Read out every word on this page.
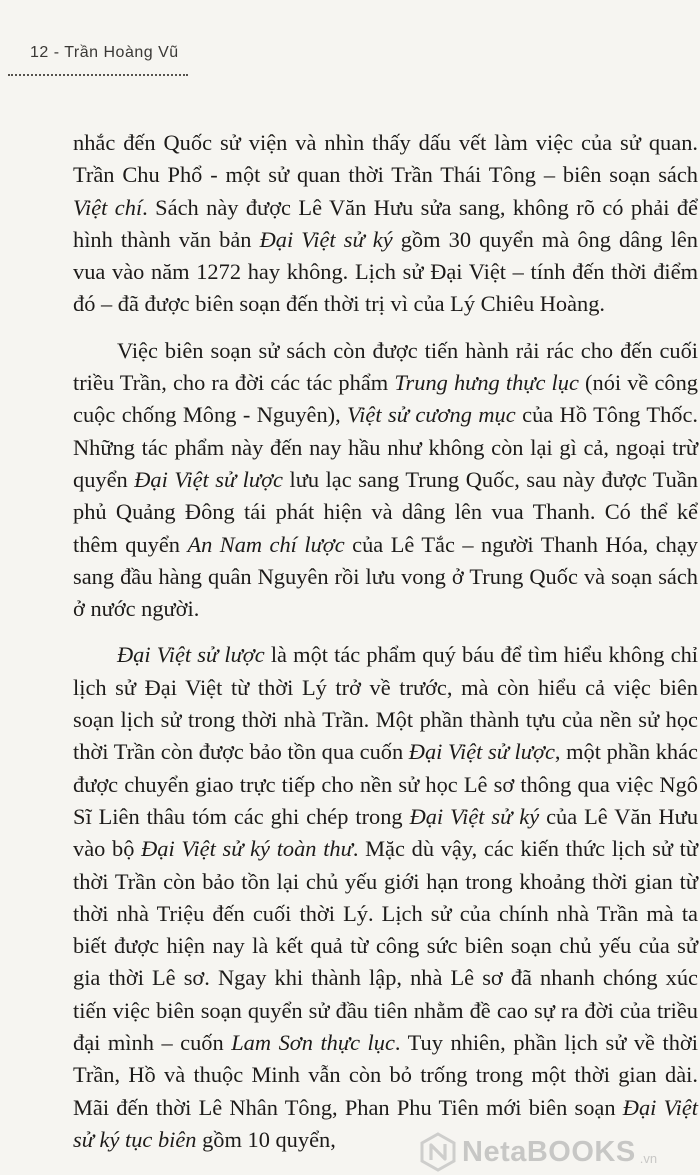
12 - Trần Hoàng Vũ

nhắc đến Quốc sử viện và nhìn thấy dấu vết làm việc của sử quan. Trần Chu Phổ - một sử quan thời Trần Thái Tông – biên soạn sách Việt chí. Sách này được Lê Văn Hưu sửa sang, không rõ có phải để hình thành văn bản Đại Việt sử ký gồm 30 quyển mà ông dâng lên vua vào năm 1272 hay không. Lịch sử Đại Việt – tính đến thời điểm đó – đã được biên soạn đến thời trị vì của Lý Chiêu Hoàng.

Việc biên soạn sử sách còn được tiến hành rải rác cho đến cuối triều Trần, cho ra đời các tác phẩm Trung hưng thực lục (nói về công cuộc chống Mông - Nguyên), Việt sử cương mục của Hồ Tông Thốc. Những tác phẩm này đến nay hầu như không còn lại gì cả, ngoại trừ quyển Đại Việt sử lược lưu lạc sang Trung Quốc, sau này được Tuần phủ Quảng Đông tái phát hiện và dâng lên vua Thanh. Có thể kể thêm quyển An Nam chí lược của Lê Tắc – người Thanh Hóa, chạy sang đầu hàng quân Nguyên rồi lưu vong ở Trung Quốc và soạn sách ở nước người.

Đại Việt sử lược là một tác phẩm quý báu để tìm hiểu không chỉ lịch sử Đại Việt từ thời Lý trở về trước, mà còn hiểu cả việc biên soạn lịch sử trong thời nhà Trần. Một phần thành tựu của nền sử học thời Trần còn được bảo tồn qua cuốn Đại Việt sử lược, một phần khác được chuyển giao trực tiếp cho nền sử học Lê sơ thông qua việc Ngô Sĩ Liên thâu tóm các ghi chép trong Đại Việt sử ký của Lê Văn Hưu vào bộ Đại Việt sử ký toàn thư. Mặc dù vậy, các kiến thức lịch sử từ thời Trần còn bảo tồn lại chủ yếu giới hạn trong khoảng thời gian từ thời nhà Triệu đến cuối thời Lý. Lịch sử của chính nhà Trần mà ta biết được hiện nay là kết quả từ công sức biên soạn chủ yếu của sử gia thời Lê sơ. Ngay khi thành lập, nhà Lê sơ đã nhanh chóng xúc tiến việc biên soạn quyển sử đầu tiên nhằm đề cao sự ra đời của triều đại mình – cuốn Lam Sơn thực lục. Tuy nhiên, phần lịch sử về thời Trần, Hồ và thuộc Minh vẫn còn bỏ trống trong một thời gian dài. Mãi đến thời Lê Nhân Tông, Phan Phu Tiên mới biên soạn Đại Việt sử ký tục biên gồm 10 quyển,	NetaBOOKS .vn
